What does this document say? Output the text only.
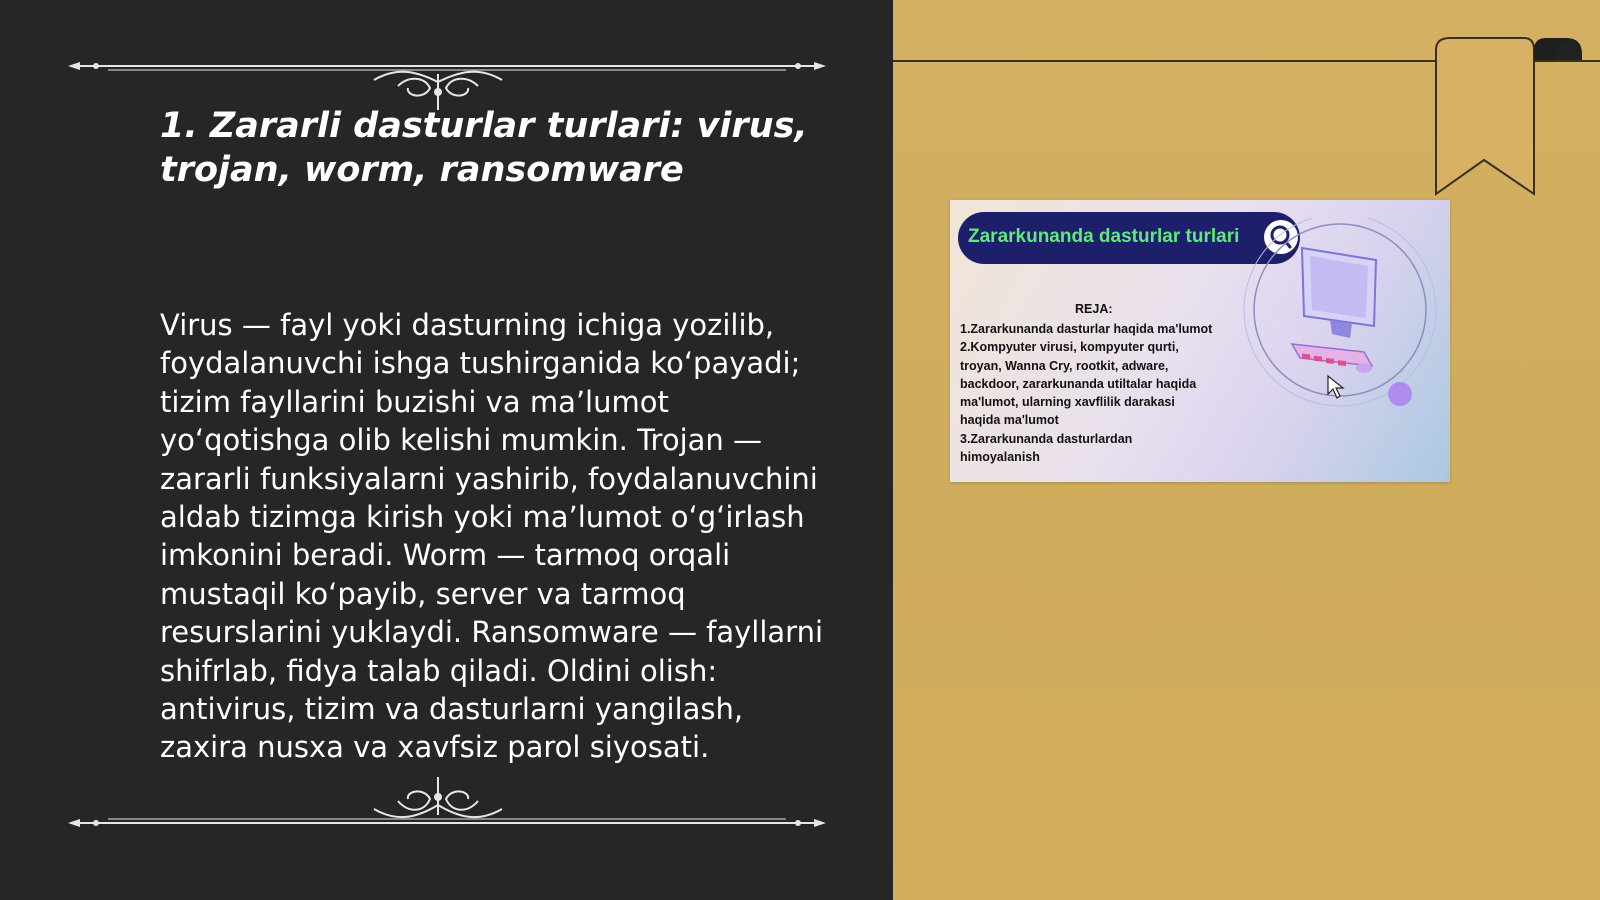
1. Zararli dasturlar turlari: virus, trojan, worm, ransomware

Virus — fayl yoki dasturning ichiga yozilib, foydalanuvchi ishga tushirganida koʻpayadi; tizim fayllarini buzishi va maʼlumot yoʻqotishga olib kelishi mumkin. Trojan — zararli funksiyalarni yashirib, foydalanuvchini aldab tizimga kirish yoki maʼlumot oʻgʻirlash imkonini beradi. Worm — tarmoq orqali mustaqil koʻpayib, server va tarmoq resurslarini yuklaydi. Ransomware — fayllarni shifrlab, fidya talab qiladi. Oldini olish: antivirus, tizim va dasturlarni yangilash, zaxira nusxa va xavfsiz parol siyosati.

Zararkunanda dasturlar turlari
REJA:
1.Zararkunanda dasturlar haqida ma'lumot
2.Kompyuter virusi, kompyuter qurti, troyan, Wanna Cry, rootkit, adware, backdoor, zararkunanda utiltalar haqida ma'lumot, ularning xavflilik darakasi haqida ma'lumot
3.Zararkunanda dasturlardan himoyalanish
